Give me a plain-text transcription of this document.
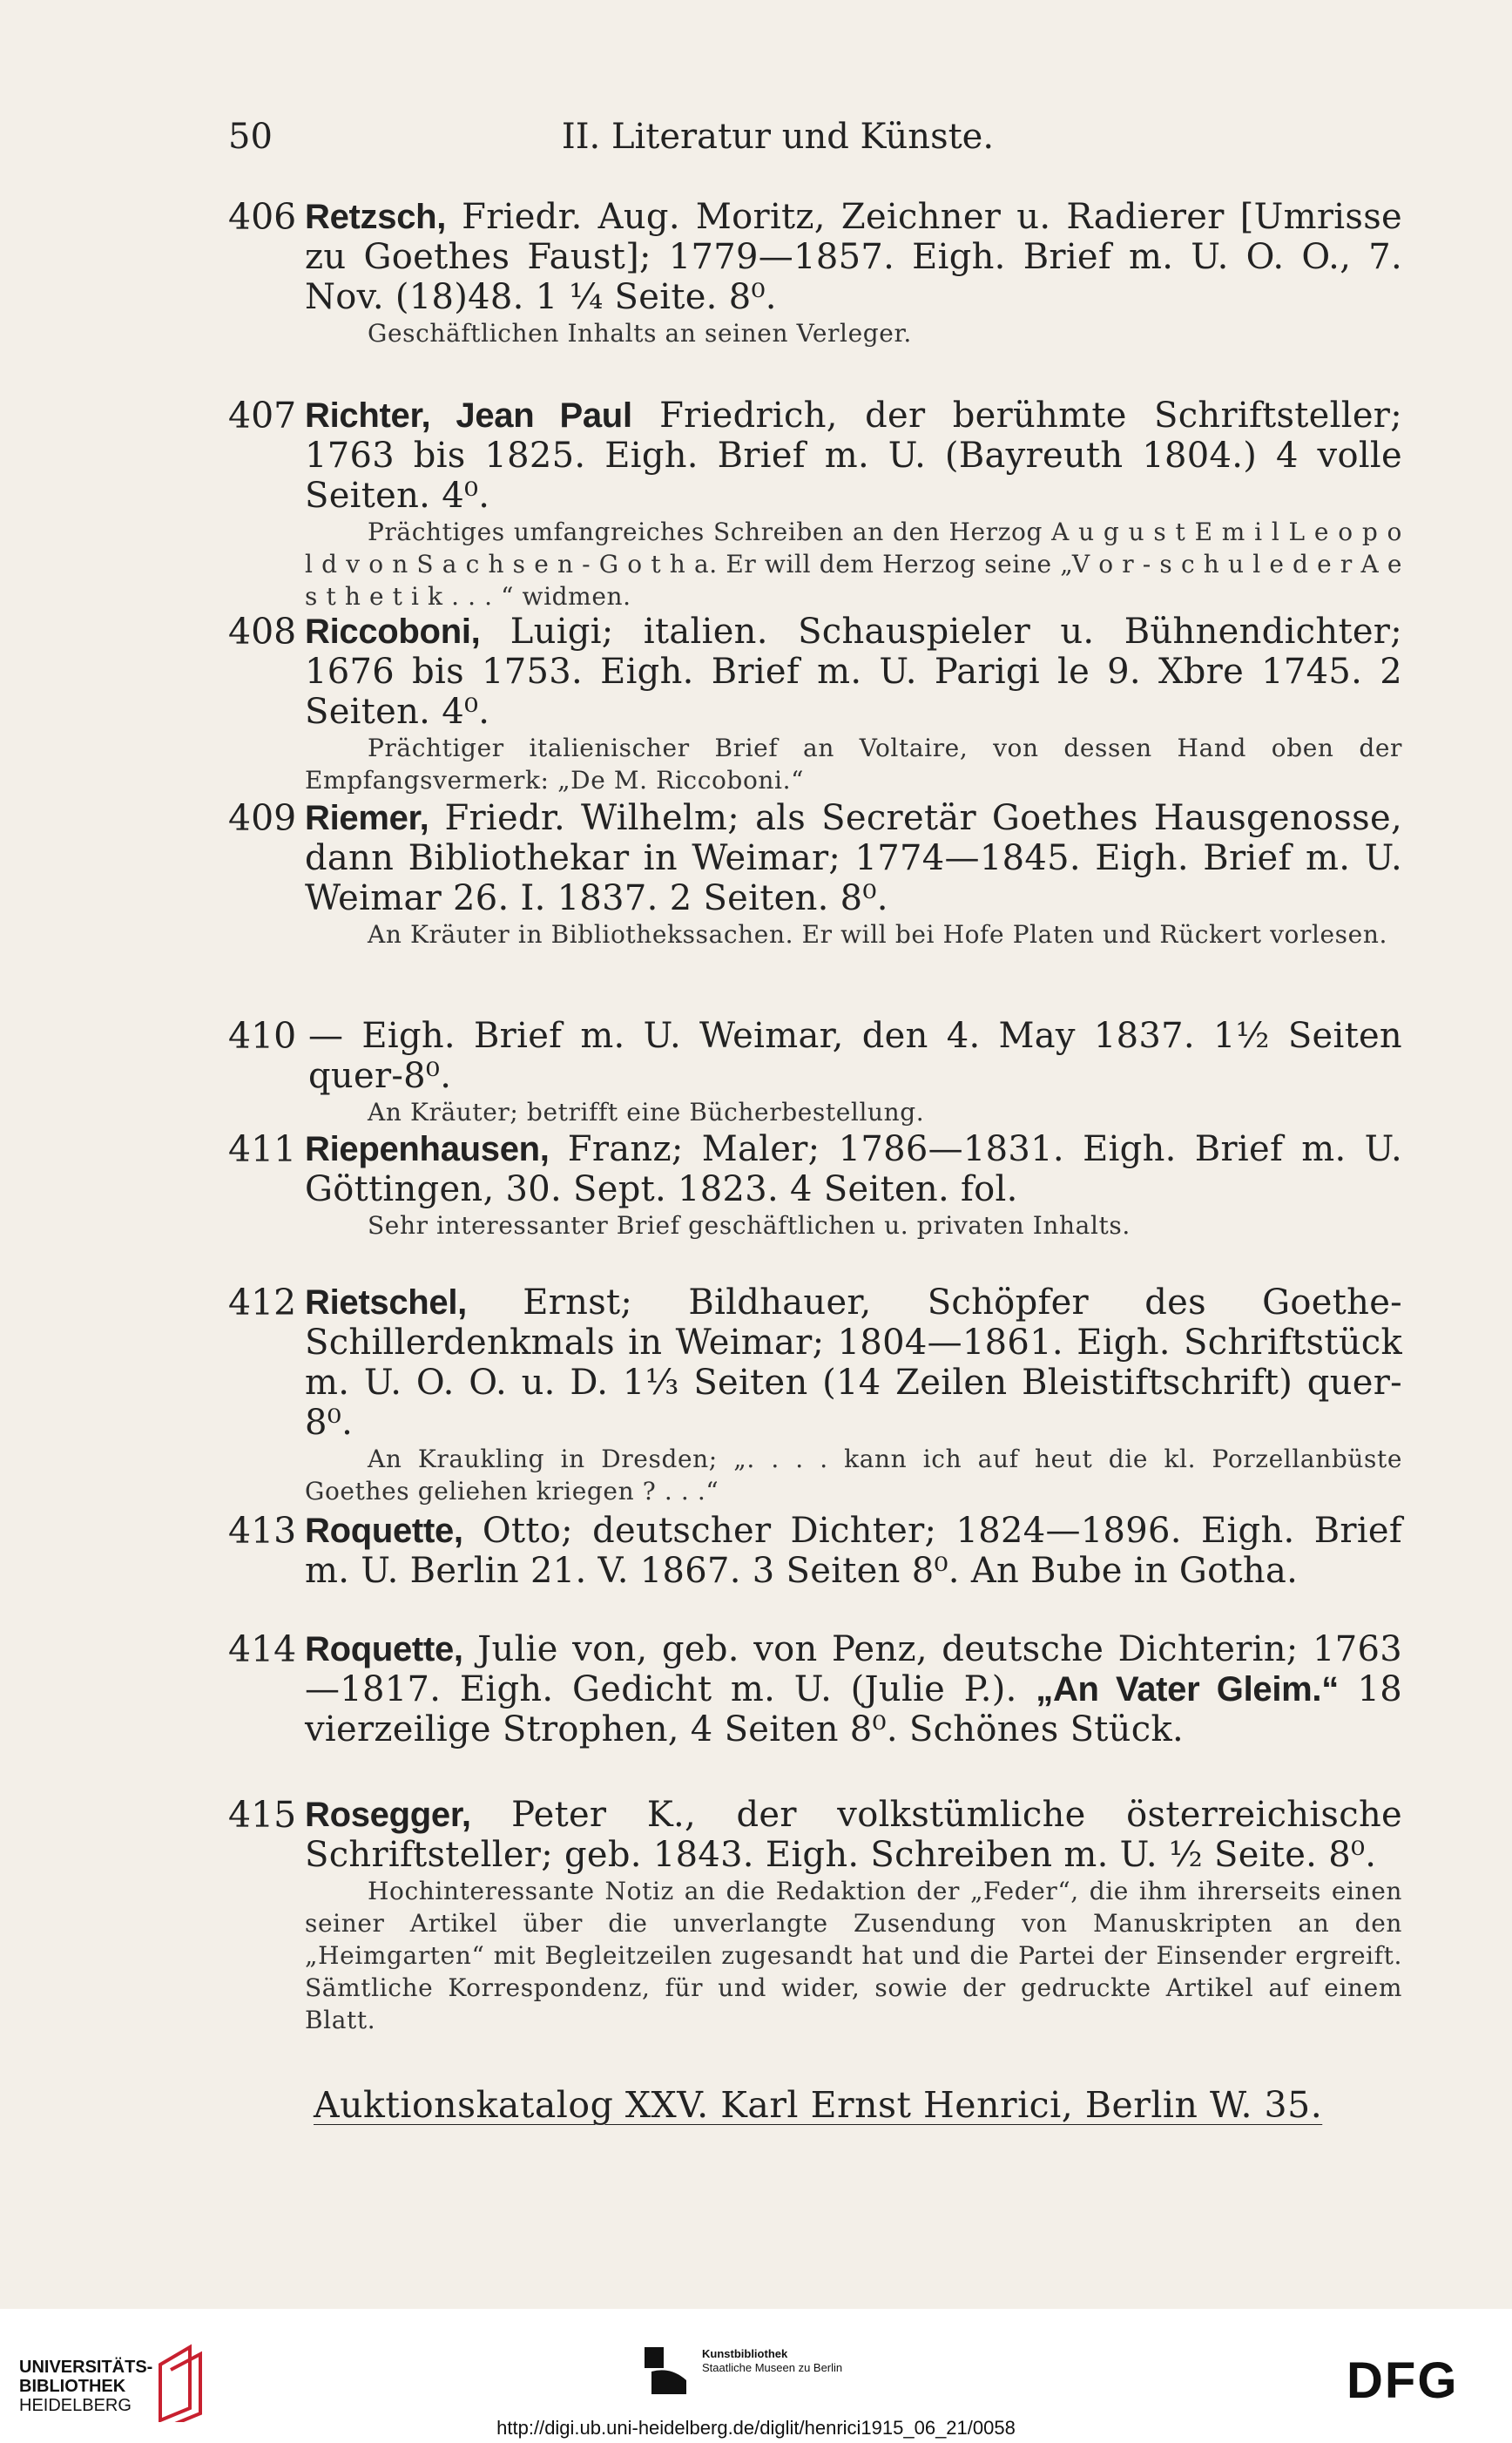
50	II. Literatur und Künste.
406 Retzsch, Friedr. Aug. Moritz, Zeichner u. Radierer [Umrisse zu Goethes Faust]; 1779—1857. Eigh. Brief m. U. O. O., 7. Nov. (18)48. 1 ¼ Seite. 8⁰.
Geschäftlichen Inhalts an seinen Verleger.
407 Richter, Jean Paul Friedrich, der berühmte Schriftsteller; 1763 bis 1825. Eigh. Brief m. U. (Bayreuth 1804.) 4 volle Seiten. 4⁰.
Prächtiges umfangreiches Schreiben an den Herzog A u g u s t E m i l L e o p o l d v o n S a c h s e n - G o t h a. Er will dem Herzog seine „V o r - s c h u l e d e r A e s t h e t i k . . . “ widmen.
408 Riccoboni, Luigi; italien. Schauspieler u. Bühnendichter; 1676 bis 1753. Eigh. Brief m. U. Parigi le 9. Xbre 1745. 2 Seiten. 4⁰.
Prächtiger italienischer Brief an Voltaire, von dessen Hand oben der Empfangsvermerk: „De M. Riccoboni.“
409 Riemer, Friedr. Wilhelm; als Secretär Goethes Hausgenosse, dann Bibliothekar in Weimar; 1774—1845. Eigh. Brief m. U. Weimar 26. I. 1837. 2 Seiten. 8⁰.
An Kräuter in Bibliothekssachen. Er will bei Hofe Platen und Rückert vorlesen.
410 — Eigh. Brief m. U. Weimar, den 4. May 1837. 1½ Seiten quer-8⁰.
An Kräuter; betrifft eine Bücherbestellung.
411 Riepenhausen, Franz; Maler; 1786—1831. Eigh. Brief m. U. Göttingen, 30. Sept. 1823. 4 Seiten. fol.
Sehr interessanter Brief geschäftlichen u. privaten Inhalts.
412 Rietschel, Ernst; Bildhauer, Schöpfer des Goethe-Schillerdenkmals in Weimar; 1804—1861. Eigh. Schriftstück m. U. O. O. u. D. 1⅓ Seiten (14 Zeilen Bleistiftschrift) quer-8⁰.
An Kraukling in Dresden; „. . . . kann ich auf heut die kl. Porzellanbüste Goethes geliehen kriegen ? . . .“
413 Roquette, Otto; deutscher Dichter; 1824—1896. Eigh. Brief m. U. Berlin 21. V. 1867. 3 Seiten 8⁰. An Bube in Gotha.
414 Roquette, Julie von, geb. von Penz, deutsche Dichterin; 1763—1817. Eigh. Gedicht m. U. (Julie P.). „An Vater Gleim.“ 18 vierzeilige Strophen, 4 Seiten 8⁰. Schönes Stück.
415 Rosegger, Peter K., der volkstümliche österreichische Schriftsteller; geb. 1843. Eigh. Schreiben m. U. ½ Seite. 8⁰.
Hochinteressante Notiz an die Redaktion der „Feder“, die ihm ihrerseits einen seiner Artikel über die unverlangte Zusendung von Manuskripten an den „Heimgarten“ mit Begleitzeilen zugesandt hat und die Partei der Einsender ergreift. Sämtliche Korrespondenz, für und wider, sowie der gedruckte Artikel auf einem Blatt.
Auktionskatalog XXV. Karl Ernst Henrici, Berlin W. 35.
UNIVERSITÄTS-
BIBLIOTHEK
HEIDELBERG
Kunstbibliothek
Staatliche Museen zu Berlin	DFG
http://digi.ub.uni-heidelberg.de/diglit/henrici1915_06_21/0058
